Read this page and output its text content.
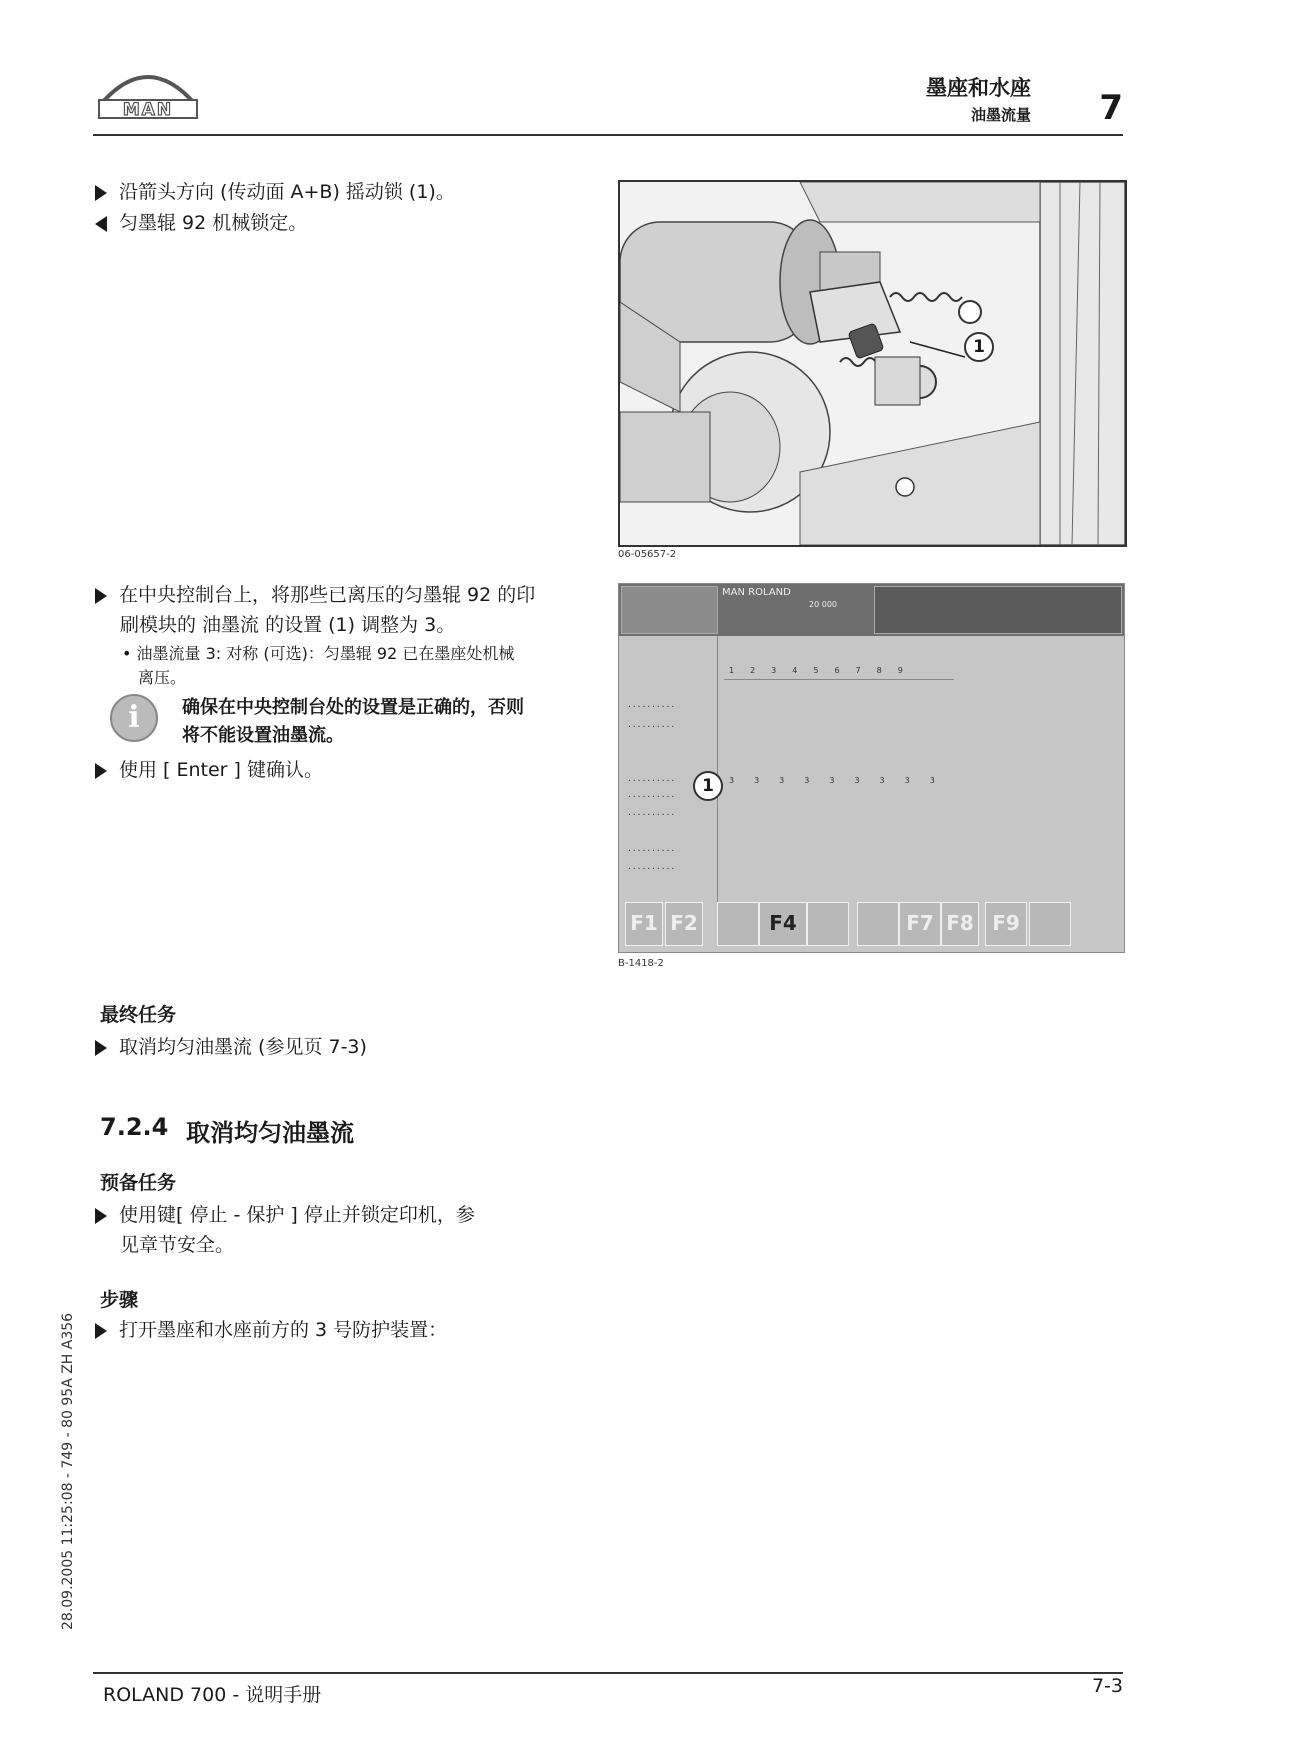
MAN
墨座和水座
油墨流量 7
沿箭头方向 (传动面 A+B) 摇动锁 (1)。
匀墨辊 92 机械锁定。
1
06-05657-2
在中央控制台上，将那些已离压的匀墨辊 92 的印
刷模块的 油墨流 的设置 (1) 调整为 3。
• 油墨流量 3: 对称 (可选)：匀墨辊 92 已在墨座处机械
离压。
i	确保在中央控制台处的设置是正确的，否则
将不能设置油墨流。
使用 [ Enter ] 键确认。
MAN ROLAND
20 000
123456789
··········
··········
··········
··········
··········
··········
··········
333333333
1
F1 F2	F4	F7 F8 F9
B-1418-2
最终任务
取消均匀油墨流 (参见页 7-3)
7.2.4 取消均匀油墨流
预备任务
使用键[ 停止 - 保护 ] 停止并锁定印机，参
见章节安全。
步骤
打开墨座和水座前方的 3 号防护装置：
28.09.2005 11:25:08 - 749 - 80 95A ZH A356
ROLAND 700 - 说明手册	7-3
